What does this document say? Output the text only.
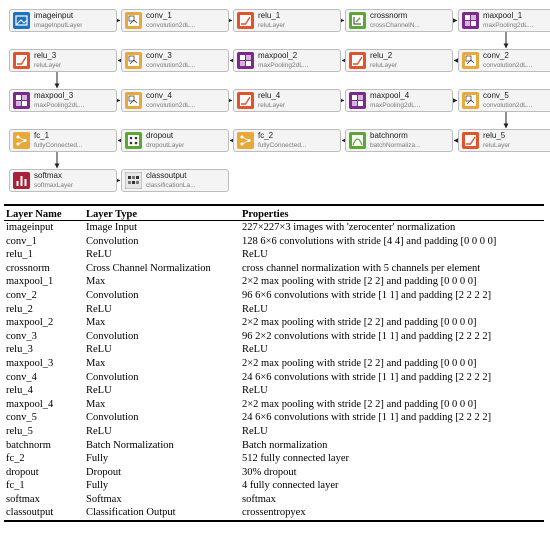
imageinput
imageInputLayer
conv_1
convolution2dL...
relu_1
reluLayer
crossnorm
crossChannelN...
maxpool_1
maxPooling2dL...
conv_2
convolution2dL...
relu_2
reluLayer
maxpool_2
maxPooling2dL...
conv_3
convolution2dL...
relu_3
reluLayer
maxpool_3
maxPooling2dL...
conv_4
convolution2dL...
relu_4
reluLayer
maxpool_4
maxPooling2dL...
conv_5
convolution2dL...
relu_5
reluLayer
batchnorm
batchNormaliza...
fc_2
fullyConnected...
dropout
dropoutLayer
fc_1
fullyConnected...
softmax
softmaxLayer
classoutput
classificationLa...
Layer Name	Layer Type	Properties
imageinput	Image Input	227×227×3 images with 'zerocenter' normalization
conv_1	Convolution	128 6×6 convolutions with stride [4 4] and padding [0 0 0 0]
relu_1	ReLU	ReLU
crossnorm	Cross Channel Normalization	cross channel normalization with 5 channels per element
maxpool_1	Max	2×2 max pooling with stride [2 2] and padding [0 0 0 0]
conv_2	Convolution	96 6×6 convolutions with stride [1 1] and padding [2 2 2 2]
relu_2	ReLU	ReLU
maxpool_2	Max	2×2 max pooling with stride [2 2] and padding [0 0 0 0]
conv_3	Convolution	96 2×2 convolutions with stride [1 1] and padding [2 2 2 2]
relu_3	ReLU	ReLU
maxpool_3	Max	2×2 max pooling with stride [2 2] and padding [0 0 0 0]
conv_4	Convolution	24 6×6 convolutions with stride [1 1] and padding [2 2 2 2]
relu_4	ReLU	ReLU
maxpool_4	Max	2×2 max pooling with stride [2 2] and padding [0 0 0 0]
conv_5	Convolution	24 6×6 convolutions with stride [1 1] and padding [2 2 2 2]
relu_5	ReLU	ReLU
batchnorm	Batch Normalization	Batch normalization
fc_2	Fully	512 fully connected layer
dropout	Dropout	30% dropout
fc_1	Fully	4 fully connected layer
softmax	Softmax	softmax
classoutput	Classification Output	crossentropyex
